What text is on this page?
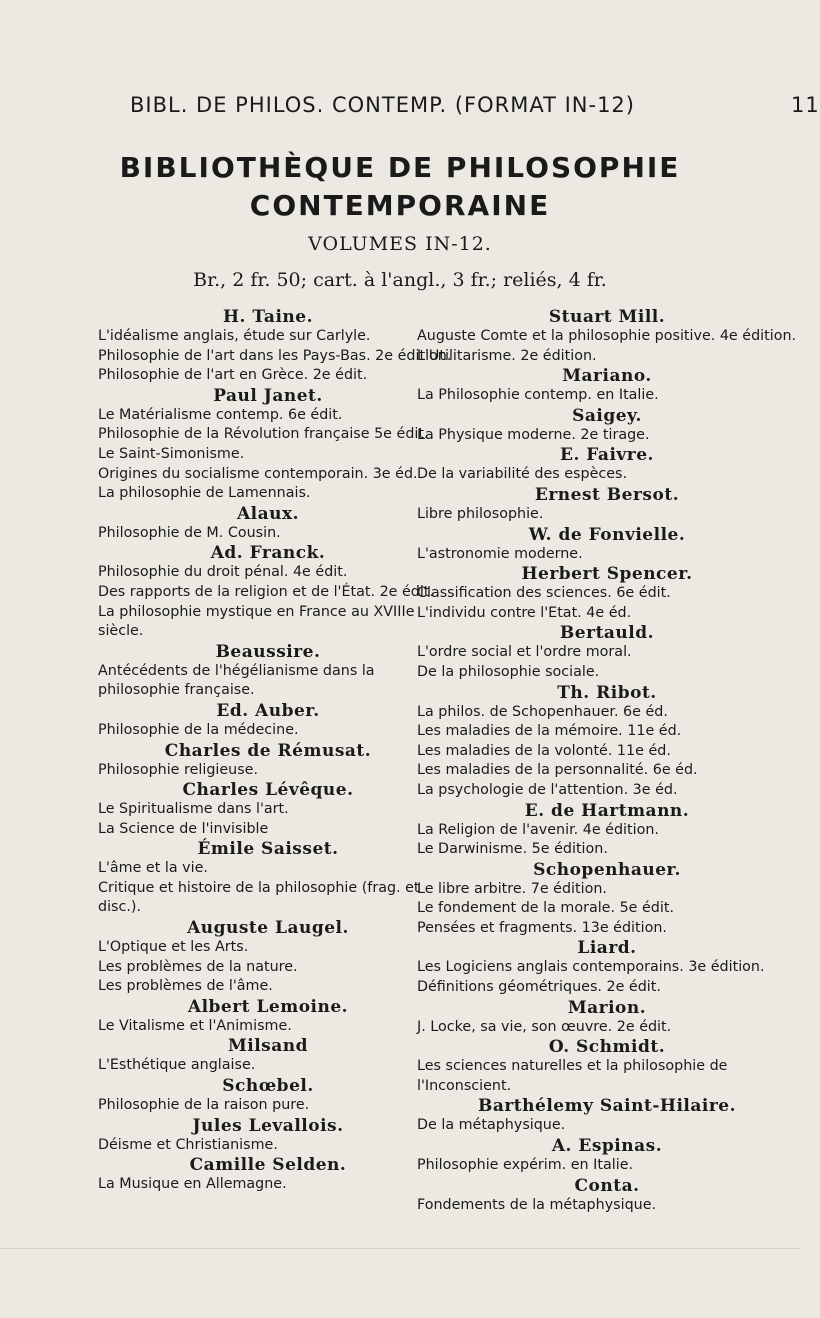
BIBL. DE PHILOS. CONTEMP. (FORMAT IN-12)	11
BIBLIOTHÈQUE DE PHILOSOPHIE
CONTEMPORAINE
VOLUMES IN-12.
Br., 2 fr. 50; cart. à l'angl., 3 fr.; reliés, 4 fr.
H. Taine.
L'idéalisme anglais, étude sur Carlyle.
Philosophie de l'art dans les Pays-Bas. 2e édition.
Philosophie de l'art en Grèce. 2e édit.
Paul Janet.
Le Matérialisme contemp. 6e édit.
Philosophie de la Révolution française 5e édit.
Le Saint-Simonisme.
Origines du socialisme contemporain. 3e éd.
La philosophie de Lamennais.
Alaux.
Philosophie de M. Cousin.
Ad. Franck.
Philosophie du droit pénal. 4e édit.
Des rapports de la religion et de l'État. 2e édit.
La philosophie mystique en France au XVIIIe siècle.
Beaussire.
Antécédents de l'hégélianisme dans la philosophie française.
Ed. Auber.
Philosophie de la médecine.
Charles de Rémusat.
Philosophie religieuse.
Charles Lévêque.
Le Spiritualisme dans l'art.
La Science de l'invisible
Émile Saisset.
L'âme et la vie.
Critique et histoire de la philosophie (frag. et disc.).
Auguste Laugel.
L'Optique et les Arts.
Les problèmes de la nature.
Les problèmes de l'âme.
Albert Lemoine.
Le Vitalisme et l'Animisme.
Milsand
L'Esthétique anglaise.
Schœbel.
Philosophie de la raison pure.
Jules Levallois.
Déisme et Christianisme.
Camille Selden.
La Musique en Allemagne.
Stuart Mill.
Auguste Comte et la philosophie positive. 4e édition.
L'Utilitarisme. 2e édition.
Mariano.
La Philosophie contemp. en Italie.
Saigey.
La Physique moderne. 2e tirage.
E. Faivre.
De la variabilité des espèces.
Ernest Bersot.
Libre philosophie.
W. de Fonvielle.
L'astronomie moderne.
Herbert Spencer.
Classification des sciences. 6e édit.
L'individu contre l'Etat. 4e éd.
Bertauld.
L'ordre social et l'ordre moral.
De la philosophie sociale.
Th. Ribot.
La philos. de Schopenhauer. 6e éd.
Les maladies de la mémoire. 11e éd.
Les maladies de la volonté. 11e éd.
Les maladies de la personnalité. 6e éd.
La psychologie de l'attention. 3e éd.
E. de Hartmann.
La Religion de l'avenir. 4e édition.
Le Darwinisme. 5e édition.
Schopenhauer.
Le libre arbitre. 7e édition.
Le fondement de la morale. 5e édit.
Pensées et fragments. 13e édition.
Liard.
Les Logiciens anglais contemporains. 3e édition.
Définitions géométriques. 2e édit.
Marion.
J. Locke, sa vie, son œuvre. 2e édit.
O. Schmidt.
Les sciences naturelles et la philosophie de l'Inconscient.
Barthélemy Saint-Hilaire.
De la métaphysique.
A. Espinas.
Philosophie expérim. en Italie.
Conta.
Fondements de la métaphysique.
